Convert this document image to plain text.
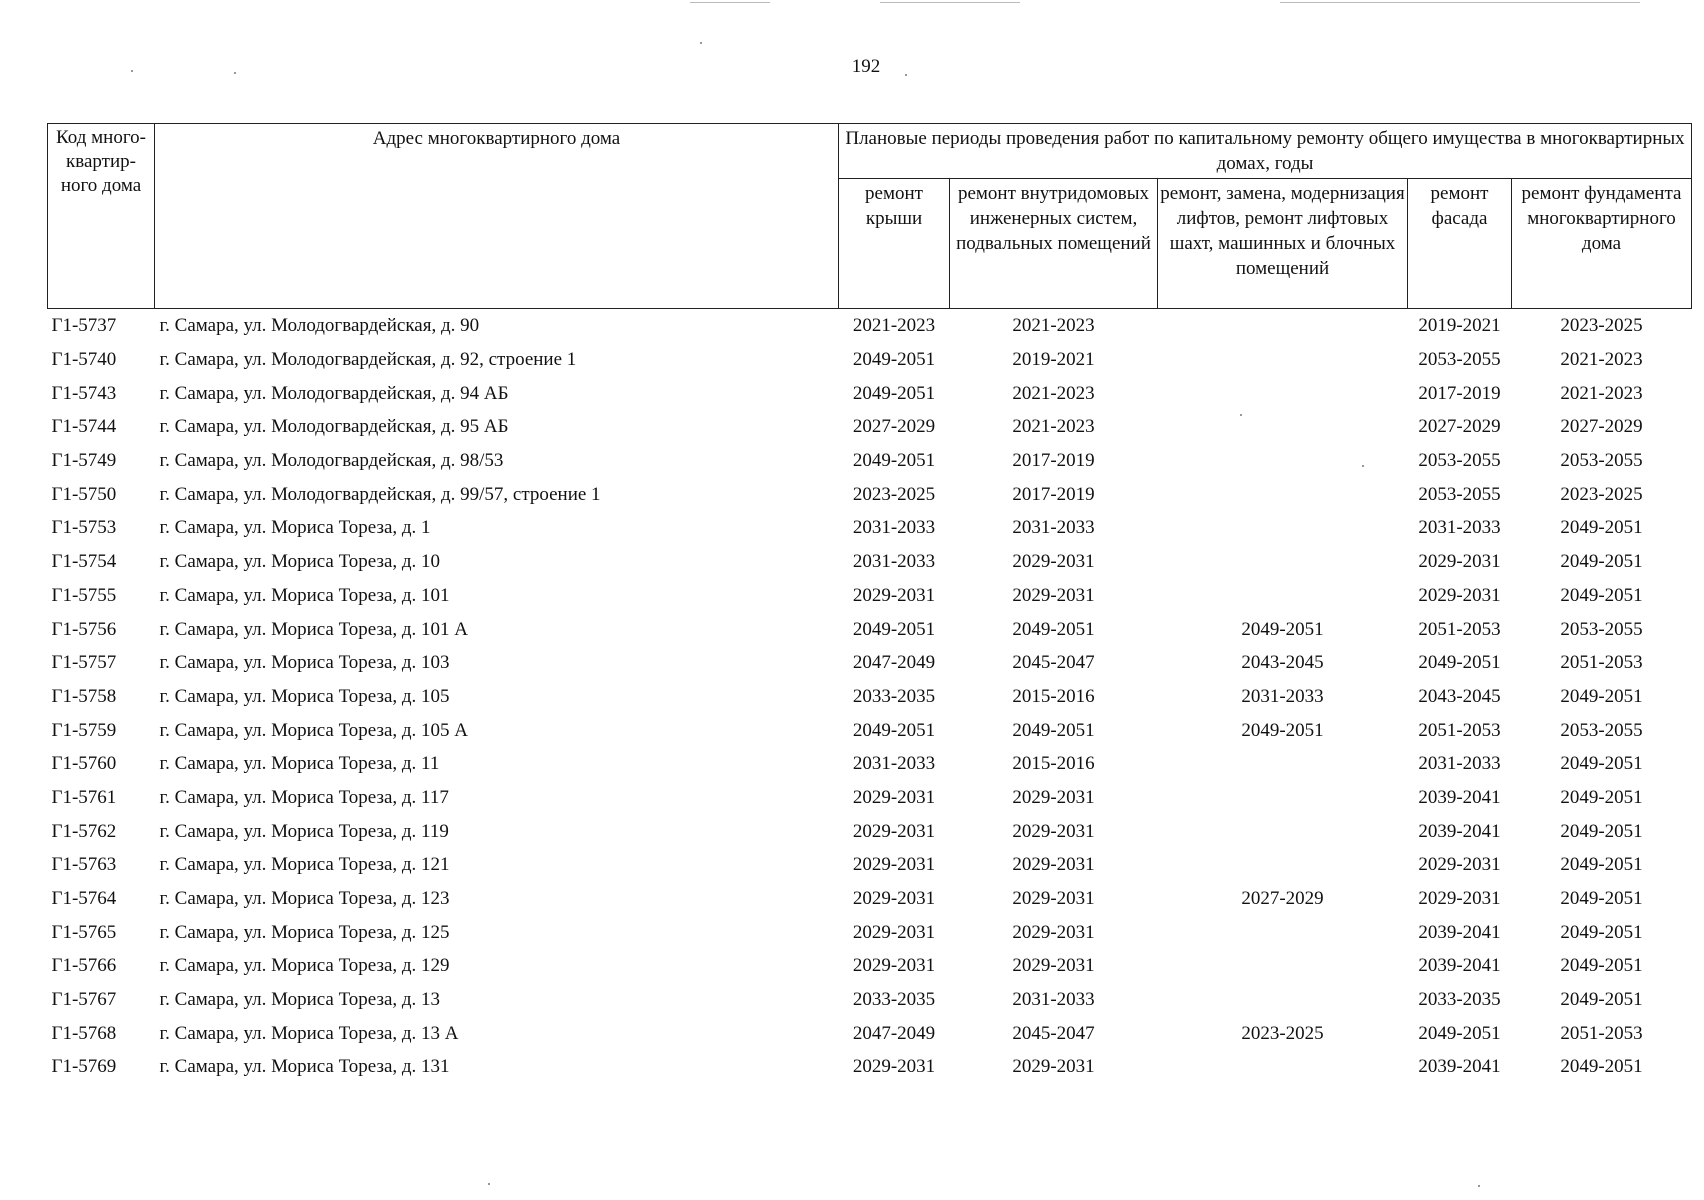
192
Код много-квартир-ного дома	Адрес многоквартирного дома	Плановые периоды проведения работ по капитальному ремонту общего имущества в многоквартирных домах, годы				
		ремонт крыши	ремонт внутридомовых инженерных систем, подвальных помещений	ремонт, замена, модернизация лифтов, ремонт лифтовых шахт, машинных и блочных помещений	ремонт фасада	ремонт фундамента многоквартирного дома
Г1-5737	г. Самара, ул. Молодогвардейская, д. 90	2021-2023	2021-2023		2019-2021	2023-2025
Г1-5740	г. Самара, ул. Молодогвардейская, д. 92, строение 1	2049-2051	2019-2021		2053-2055	2021-2023
Г1-5743	г. Самара, ул. Молодогвардейская, д. 94 АБ	2049-2051	2021-2023		2017-2019	2021-2023
Г1-5744	г. Самара, ул. Молодогвардейская, д. 95 АБ	2027-2029	2021-2023		2027-2029	2027-2029
Г1-5749	г. Самара, ул. Молодогвардейская, д. 98/53	2049-2051	2017-2019		2053-2055	2053-2055
Г1-5750	г. Самара, ул. Молодогвардейская, д. 99/57, строение 1	2023-2025	2017-2019		2053-2055	2023-2025
Г1-5753	г. Самара, ул. Мориса Тореза, д. 1	2031-2033	2031-2033		2031-2033	2049-2051
Г1-5754	г. Самара, ул. Мориса Тореза, д. 10	2031-2033	2029-2031		2029-2031	2049-2051
Г1-5755	г. Самара, ул. Мориса Тореза, д. 101	2029-2031	2029-2031		2029-2031	2049-2051
Г1-5756	г. Самара, ул. Мориса Тореза, д. 101 А	2049-2051	2049-2051	2049-2051	2051-2053	2053-2055
Г1-5757	г. Самара, ул. Мориса Тореза, д. 103	2047-2049	2045-2047	2043-2045	2049-2051	2051-2053
Г1-5758	г. Самара, ул. Мориса Тореза, д. 105	2033-2035	2015-2016	2031-2033	2043-2045	2049-2051
Г1-5759	г. Самара, ул. Мориса Тореза, д. 105 А	2049-2051	2049-2051	2049-2051	2051-2053	2053-2055
Г1-5760	г. Самара, ул. Мориса Тореза, д. 11	2031-2033	2015-2016		2031-2033	2049-2051
Г1-5761	г. Самара, ул. Мориса Тореза, д. 117	2029-2031	2029-2031		2039-2041	2049-2051
Г1-5762	г. Самара, ул. Мориса Тореза, д. 119	2029-2031	2029-2031		2039-2041	2049-2051
Г1-5763	г. Самара, ул. Мориса Тореза, д. 121	2029-2031	2029-2031		2029-2031	2049-2051
Г1-5764	г. Самара, ул. Мориса Тореза, д. 123	2029-2031	2029-2031	2027-2029	2029-2031	2049-2051
Г1-5765	г. Самара, ул. Мориса Тореза, д. 125	2029-2031	2029-2031		2039-2041	2049-2051
Г1-5766	г. Самара, ул. Мориса Тореза, д. 129	2029-2031	2029-2031		2039-2041	2049-2051
Г1-5767	г. Самара, ул. Мориса Тореза, д. 13	2033-2035	2031-2033		2033-2035	2049-2051
Г1-5768	г. Самара, ул. Мориса Тореза, д. 13 А	2047-2049	2045-2047	2023-2025	2049-2051	2051-2053
Г1-5769	г. Самара, ул. Мориса Тореза, д. 131	2029-2031	2029-2031		2039-2041	2049-2051
